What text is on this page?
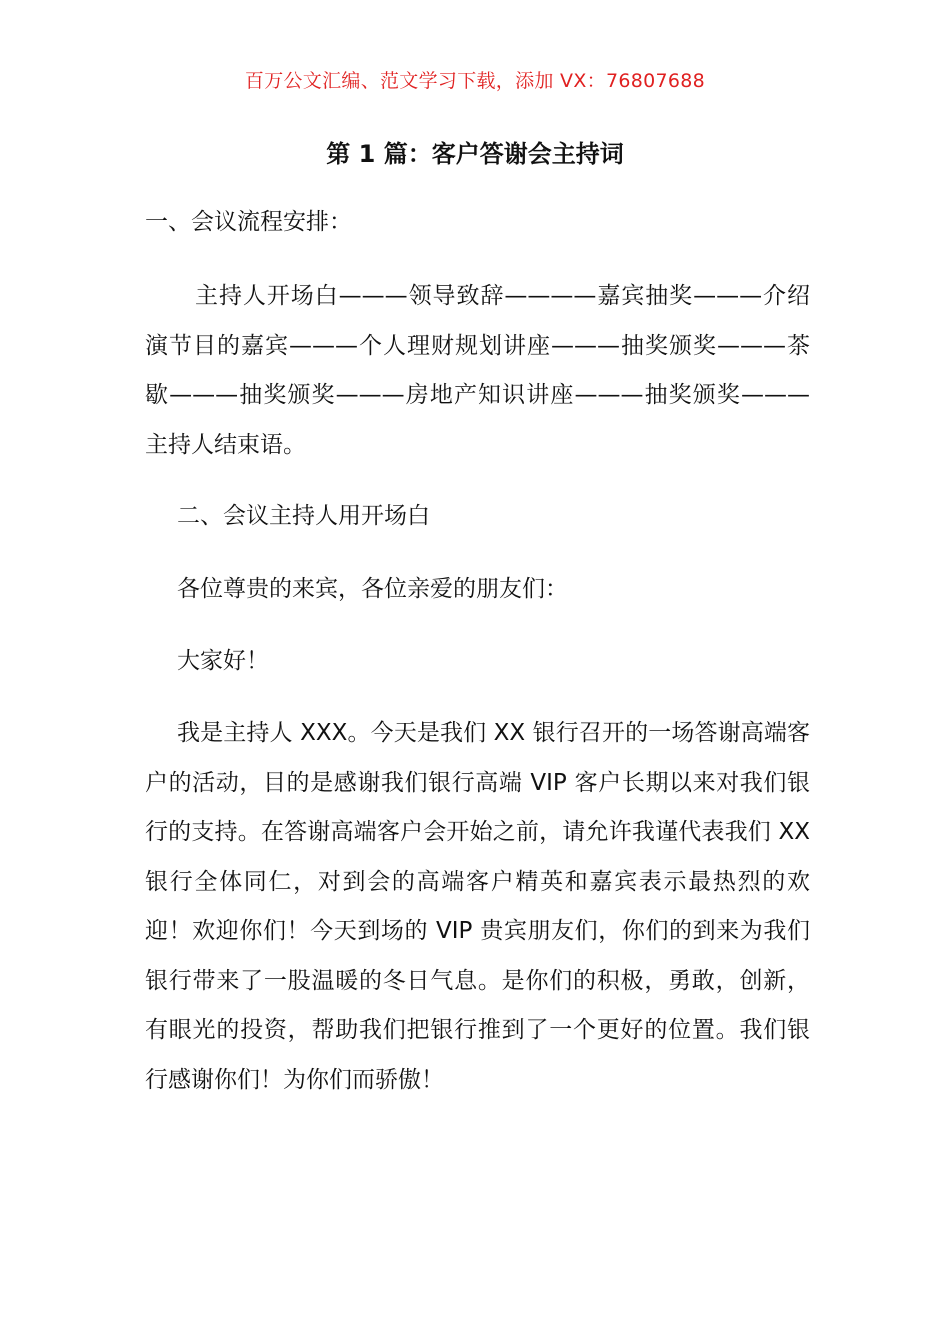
百万公文汇编、范文学习下载，添加 VX：76807688
第 1 篇：客户答谢会主持词
一、会议流程安排：
主持人开场白———领导致辞————嘉宾抽奖———介绍演节目的嘉宾———个人理财规划讲座———抽奖颁奖———茶歇———抽奖颁奖———房地产知识讲座———抽奖颁奖———主持人结束语。
二、会议主持人用开场白
各位尊贵的来宾，各位亲爱的朋友们：
大家好！
我是主持人 XXX。今天是我们 XX 银行召开的一场答谢高端客户的活动，目的是感谢我们银行高端 VIP 客户长期以来对我们银行的支持。在答谢高端客户会开始之前，请允许我谨代表我们 XX 银行全体同仁，对到会的高端客户精英和嘉宾表示最热烈的欢迎！欢迎你们！今天到场的 VIP 贵宾朋友们，你们的到来为我们银行带来了一股温暖的冬日气息。是你们的积极，勇敢，创新，有眼光的投资，帮助我们把银行推到了一个更好的位置。我们银行感谢你们！为你们而骄傲！
